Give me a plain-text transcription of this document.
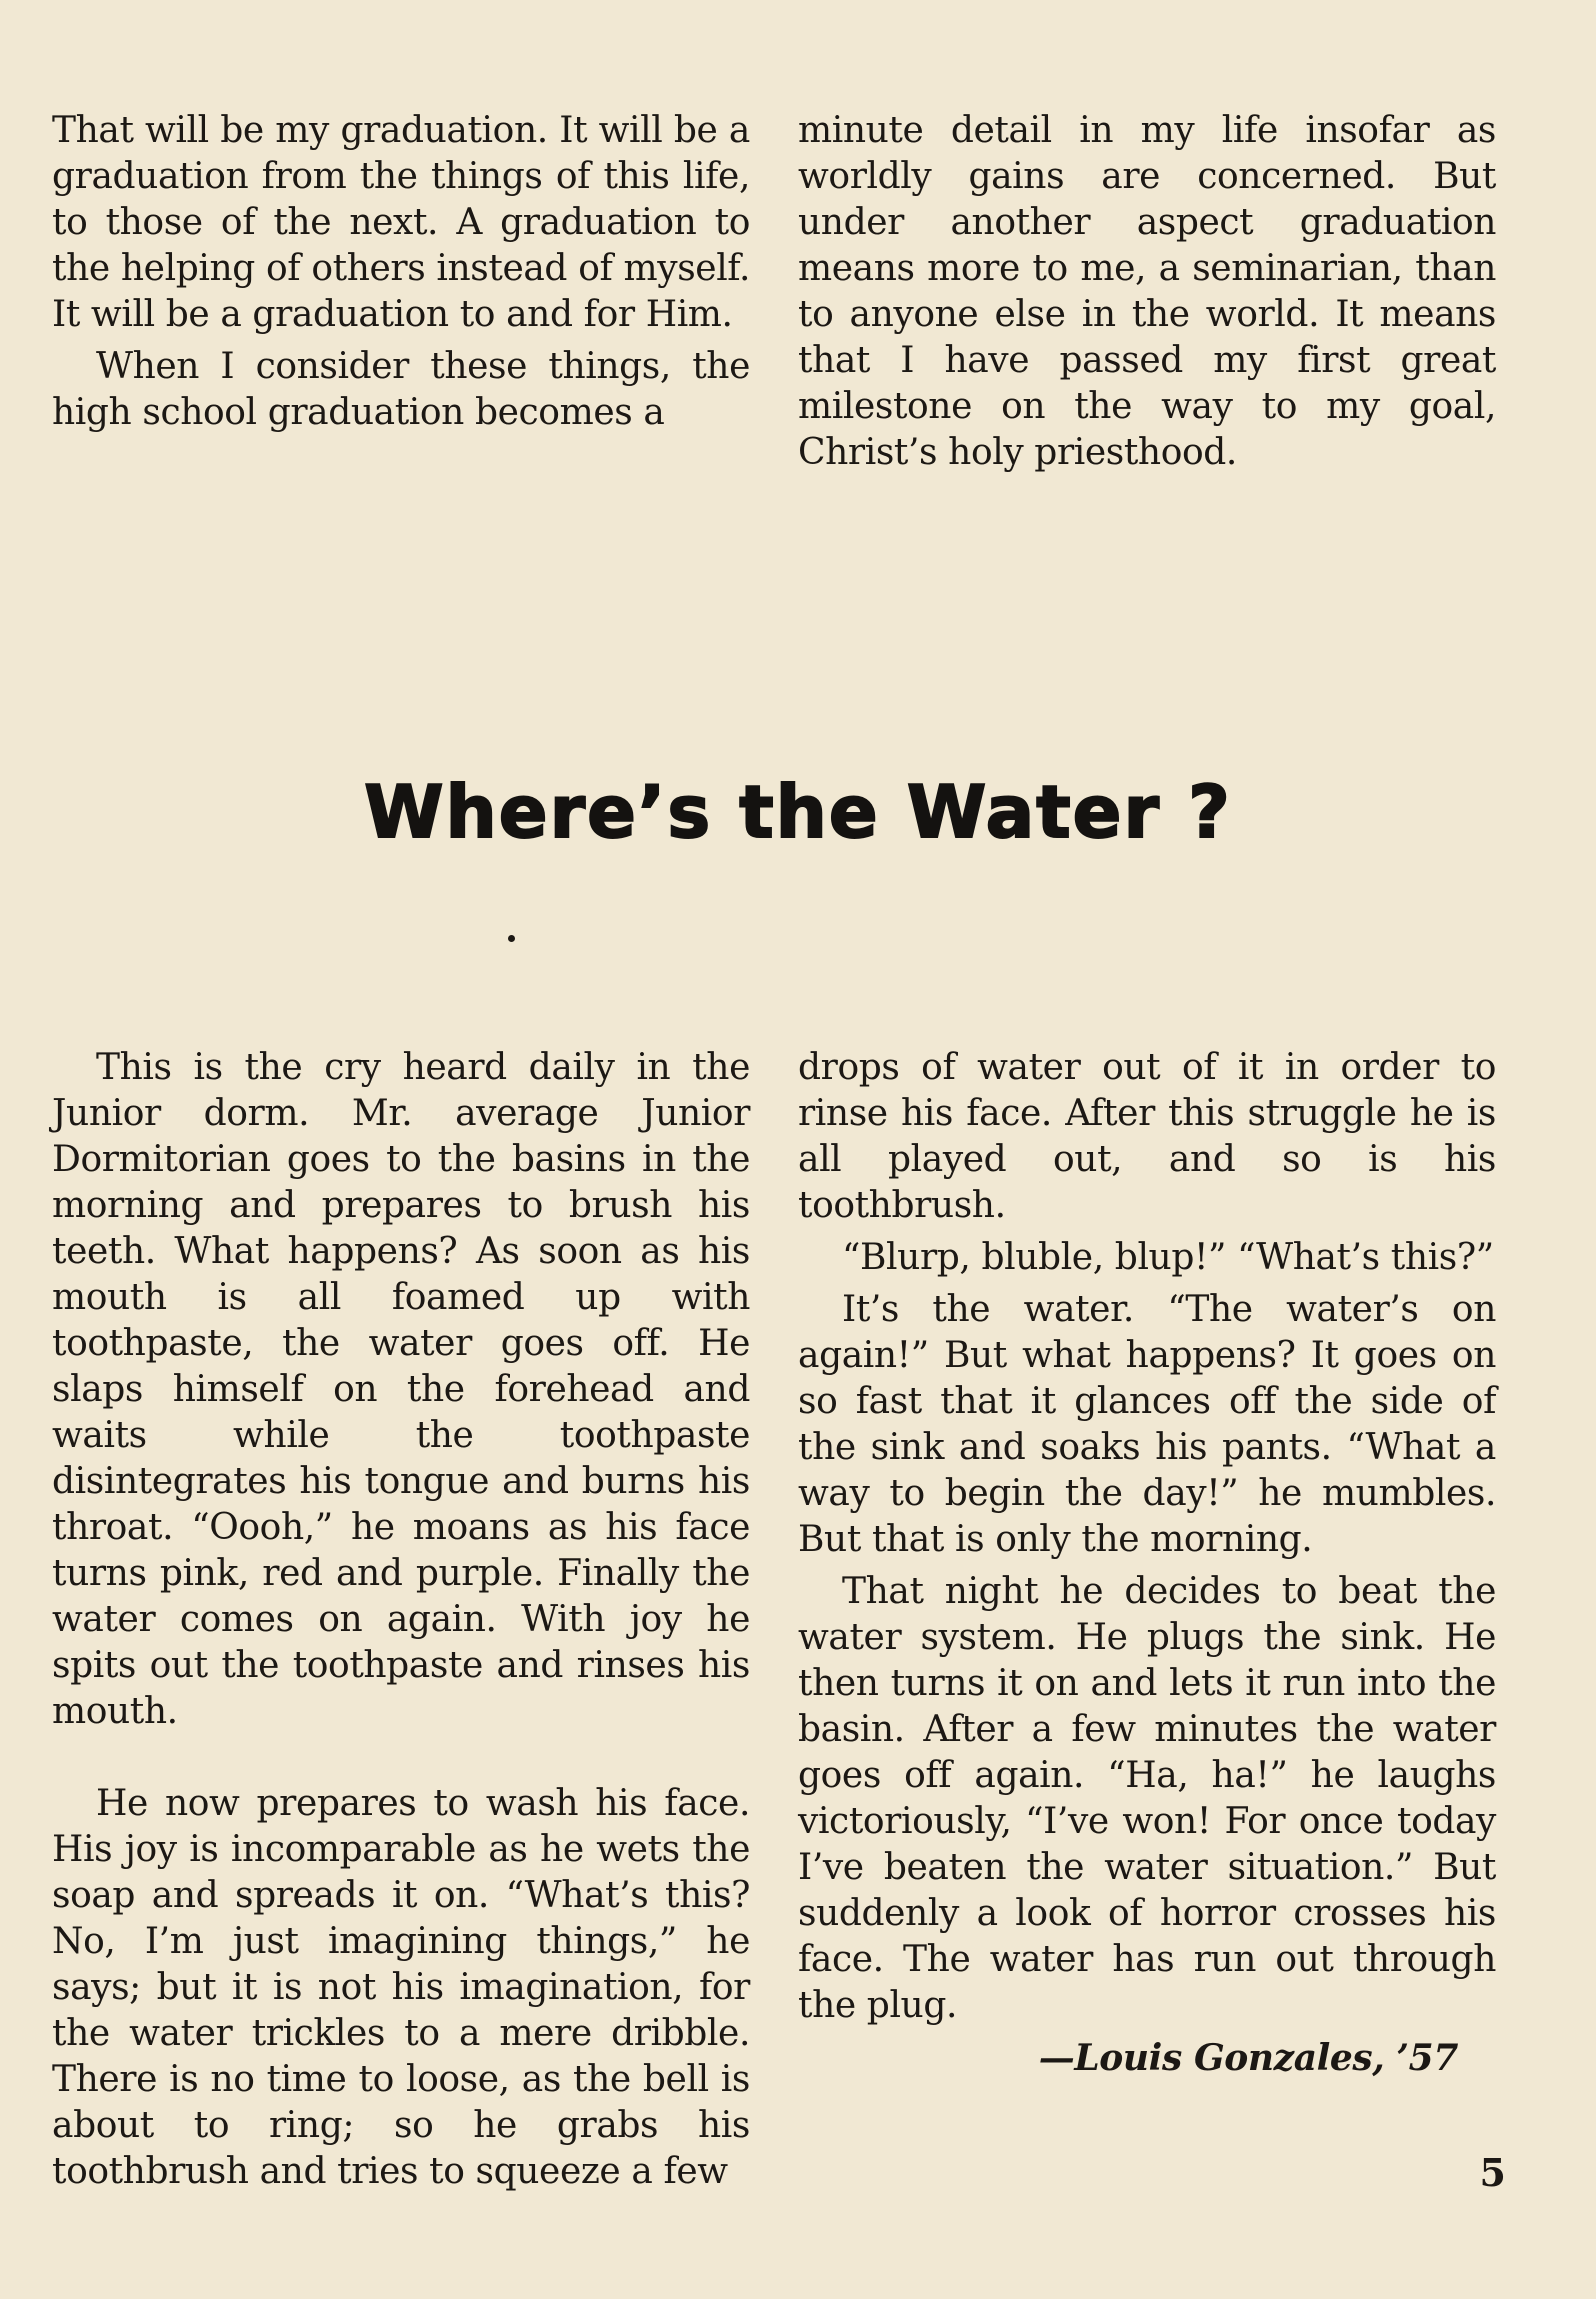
That will be my graduation. It will be a graduation from the things of this life, to those of the next. A graduation to the helping of others instead of myself. It will be a graduation to and for Him.

When I consider these things, the high school graduation becomes a

minute detail in my life insofar as worldly gains are concerned. But under another aspect graduation means more to me, a seminarian, than to anyone else in the world. It means that I have passed my first great milestone on the way to my goal, Christ’s holy priesthood.

Where’s the Water ?

This is the cry heard daily in the Junior dorm. Mr. average Junior Dormitorian goes to the basins in the morning and prepares to brush his teeth. What happens? As soon as his mouth is all foamed up with toothpaste, the water goes off. He slaps himself on the forehead and waits while the toothpaste disintegrates his tongue and burns his throat. “Oooh,” he moans as his face turns pink, red and purple. Finally the water comes on again. With joy he spits out the toothpaste and rinses his mouth.

He now prepares to wash his face. His joy is incomparable as he wets the soap and spreads it on. “What’s this? No, I’m just imagining things,” he says; but it is not his imagination, for the water trickles to a mere dribble. There is no time to loose, as the bell is about to ring; so he grabs his toothbrush and tries to squeeze a few

drops of water out of it in order to rinse his face. After this struggle he is all played out, and so is his toothbrush.

“Blurp, bluble, blup!” “What’s this?”

It’s the water. “The water’s on again!” But what happens? It goes on so fast that it glances off the side of the sink and soaks his pants. “What a way to begin the day!” he mumbles. But that is only the morning.

That night he decides to beat the water system. He plugs the sink. He then turns it on and lets it run into the basin. After a few minutes the water goes off again. “Ha, ha!” he laughs victoriously, “I’ve won! For once today I’ve beaten the water situation.” But suddenly a look of horror crosses his face. The water has run out through the plug.

—Louis Gonzales, ’57

5
